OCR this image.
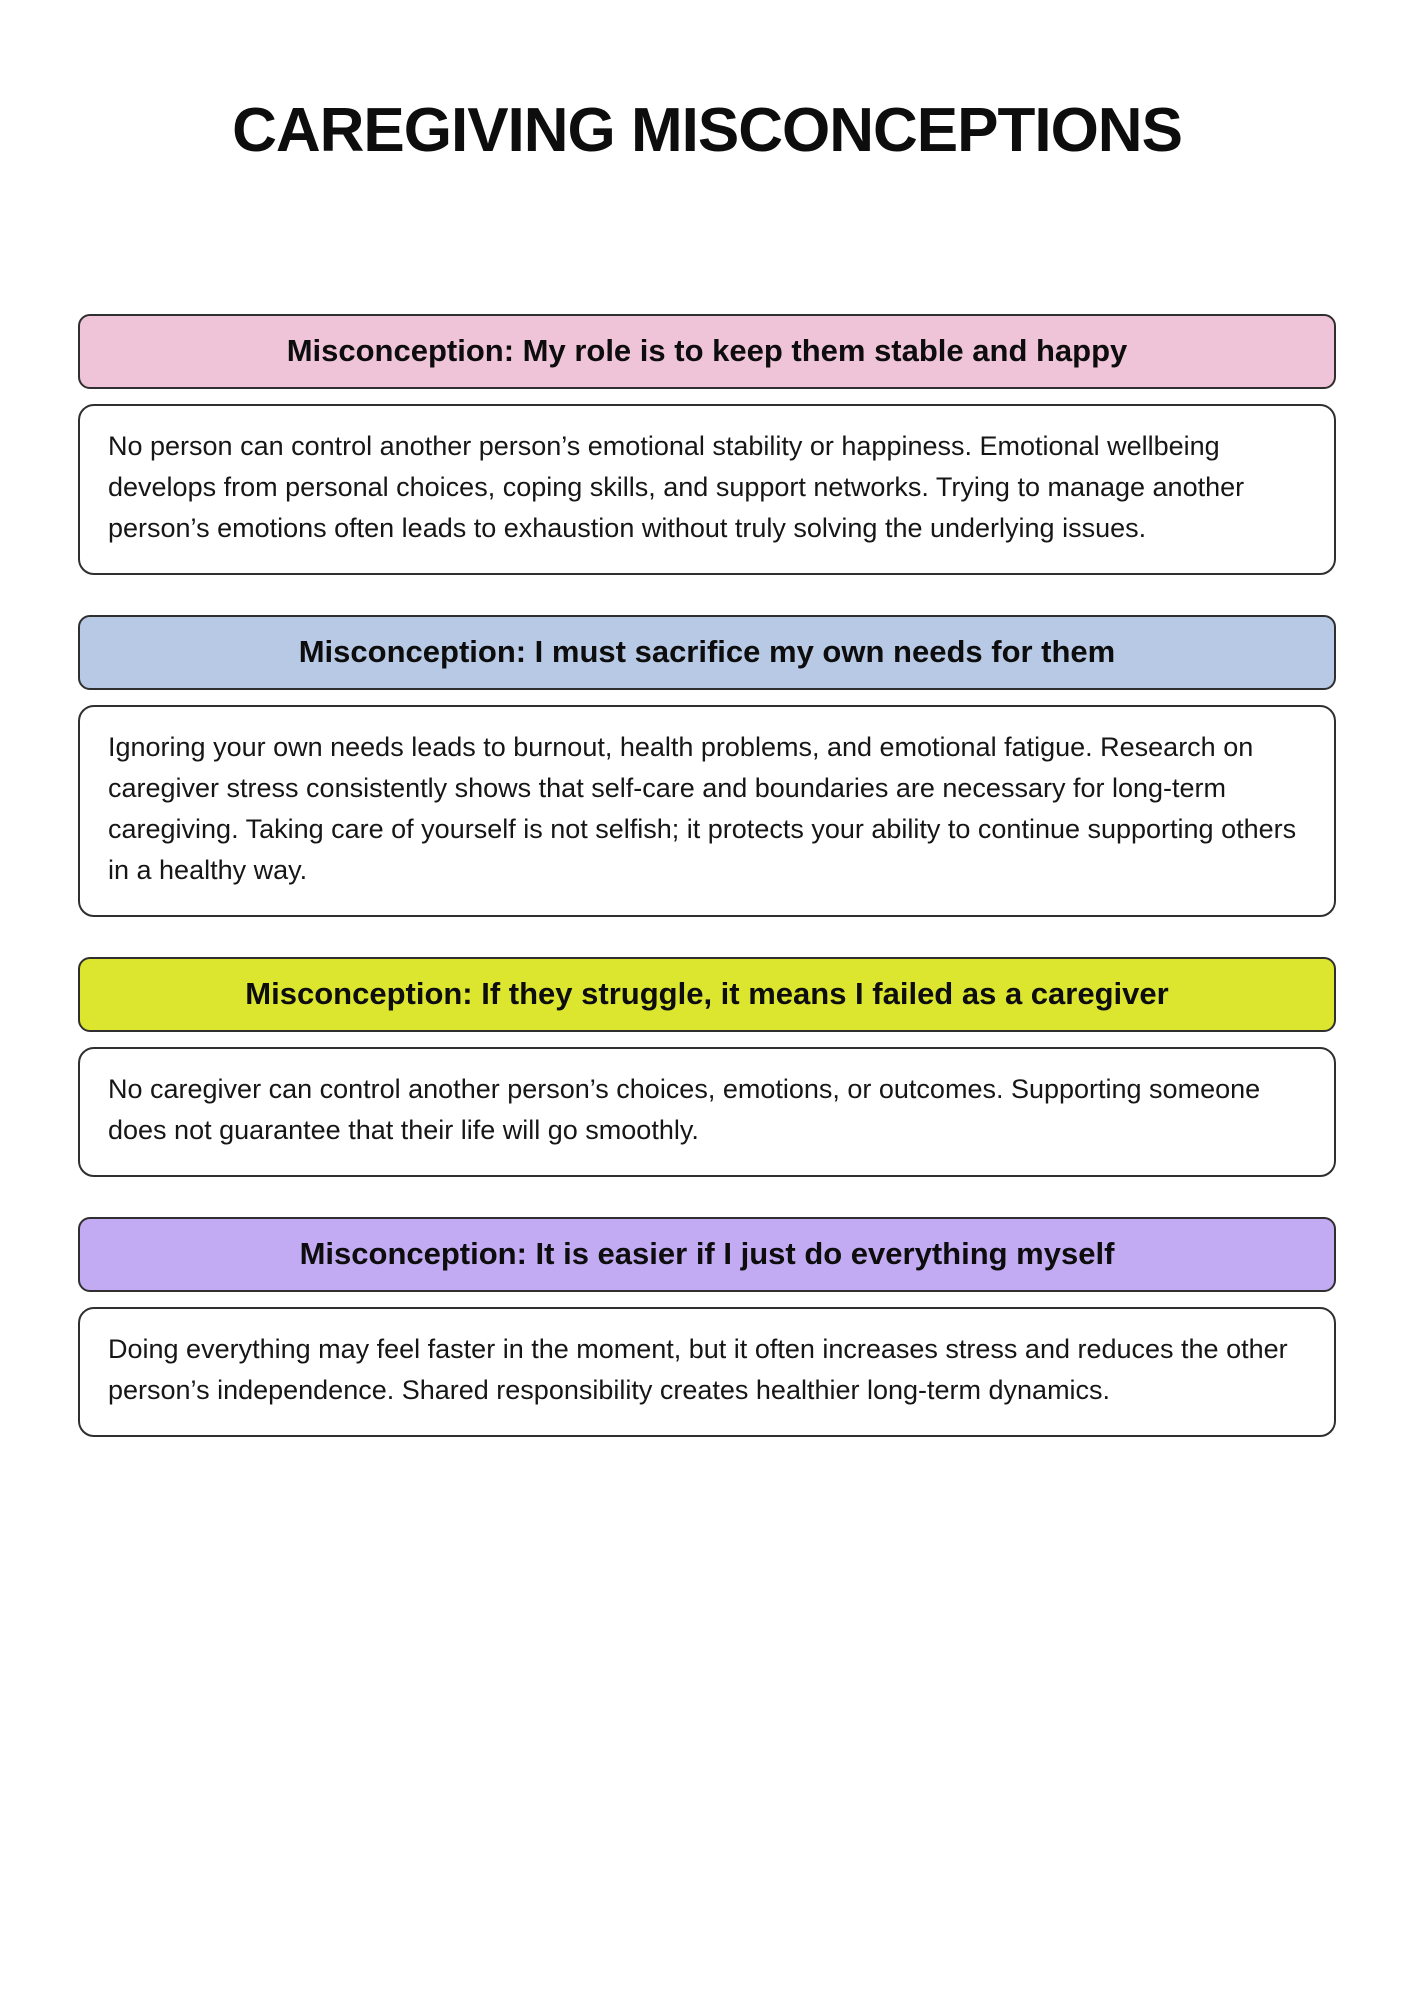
CAREGIVING MISCONCEPTIONS
Misconception: My role is to keep them stable and happy
No person can control another person’s emotional stability or happiness. Emotional wellbeing develops from personal choices, coping skills, and support networks. Trying to manage another person’s emotions often leads to exhaustion without truly solving the underlying issues.
Misconception: I must sacrifice my own needs for them
Ignoring your own needs leads to burnout, health problems, and emotional fatigue. Research on caregiver stress consistently shows that self-care and boundaries are necessary for long-term caregiving. Taking care of yourself is not selfish; it protects your ability to continue supporting others in a healthy way.
Misconception: If they struggle, it means I failed as a caregiver
No caregiver can control another person’s choices, emotions, or outcomes. Supporting someone does not guarantee that their life will go smoothly.
Misconception: It is easier if I just do everything myself
Doing everything may feel faster in the moment, but it often increases stress and reduces the other person’s independence. Shared responsibility creates healthier long-term dynamics.
